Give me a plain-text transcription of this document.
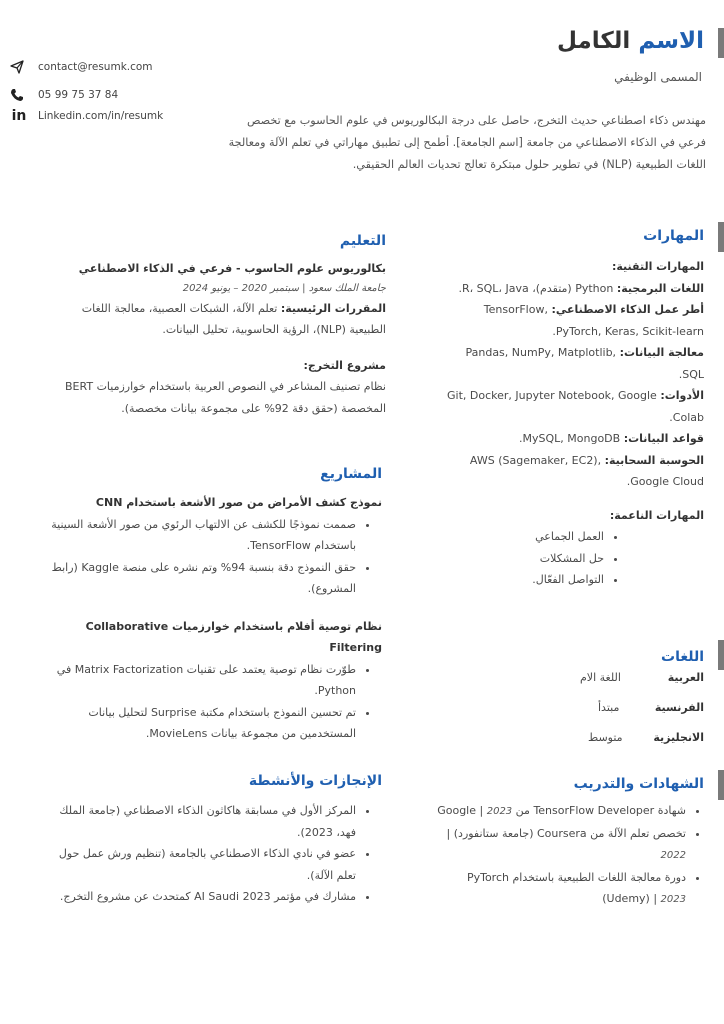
الاسم الكامل
المسمى الوظيفي
مهندس ذكاء اصطناعي حديث التخرج، حاصل على درجة البكالوريوس في علوم الحاسوب مع تخصص فرعي في الذكاء الاصطناعي من جامعة [اسم الجامعة]. أطمح إلى تطبيق مهاراتي في تعلم الآلة ومعالجة اللغات الطبيعية (NLP) في تطوير حلول مبتكرة تعالج تحديات العالم الحقيقي.
contact@resumk.com
05 99 75 37 84
in Linkedin.com/in/resumk
المهارات
المهارات التقنية:
اللغات البرمجية: Python (متقدم)، R، SQL، Java.
أطر عمل الذكاء الاصطناعي: TensorFlow, PyTorch, Keras, Scikit-learn.
معالجة البيانات: Pandas, NumPy, Matplotlib, SQL.
الأدوات: Git, Docker, Jupyter Notebook, Google Colab.
قواعد البيانات: MySQL, MongoDB.
الحوسبة السحابية: AWS (Sagemaker, EC2), Google Cloud.
المهارات الناعمة:
• العمل الجماعي
• حل المشكلات
• التواصل الفعّال.
اللغات
العربية
اللغة الام
الفرنسية
مبتدأ
الانجليزية
متوسط
الشهادات والتدريب
• شهادة TensorFlow Developer من Google | 2023
• تخصص تعلم الآلة من Coursera (جامعة ستانفورد) | 2022
• دورة معالجة اللغات الطبيعية باستخدام PyTorch (Udemy) | 2023
التعليم
بكالوريوس علوم الحاسوب - فرعي في الذكاء الاصطناعي
جامعة الملك سعود | سبتمبر 2020 – يونيو 2024
المقررات الرئيسية: تعلم الآلة، الشبكات العصبية، معالجة اللغات الطبيعية (NLP)، الرؤية الحاسوبية، تحليل البيانات.
مشروع التخرج:
نظام تصنيف المشاعر في النصوص العربية باستخدام خوارزميات BERT المخصصة (حقق دقة 92% على مجموعة بيانات مخصصة).
المشاريع
نموذج كشف الأمراض من صور الأشعة باستخدام CNN
• صممت نموذجًا للكشف عن الالتهاب الرئوي من صور الأشعة السينية باستخدام TensorFlow.
• حقق النموذج دقة بنسبة 94% وتم نشره على منصة Kaggle (رابط المشروع).
نظام توصية أفلام باستخدام خوارزميات Collaborative Filtering
• طوّرت نظام توصية يعتمد على تقنيات Matrix Factorization في Python.
• تم تحسين النموذج باستخدام مكتبة Surprise لتحليل بيانات المستخدمين من مجموعة بيانات MovieLens.
الإنجازات والأنشطة
• المركز الأول في مسابقة هاكاثون الذكاء الاصطناعي (جامعة الملك فهد، 2023).
• عضو في نادي الذكاء الاصطناعي بالجامعة (تنظيم ورش عمل حول تعلم الآلة).
• مشارك في مؤتمر AI Saudi 2023 كمتحدث عن مشروع التخرج.
